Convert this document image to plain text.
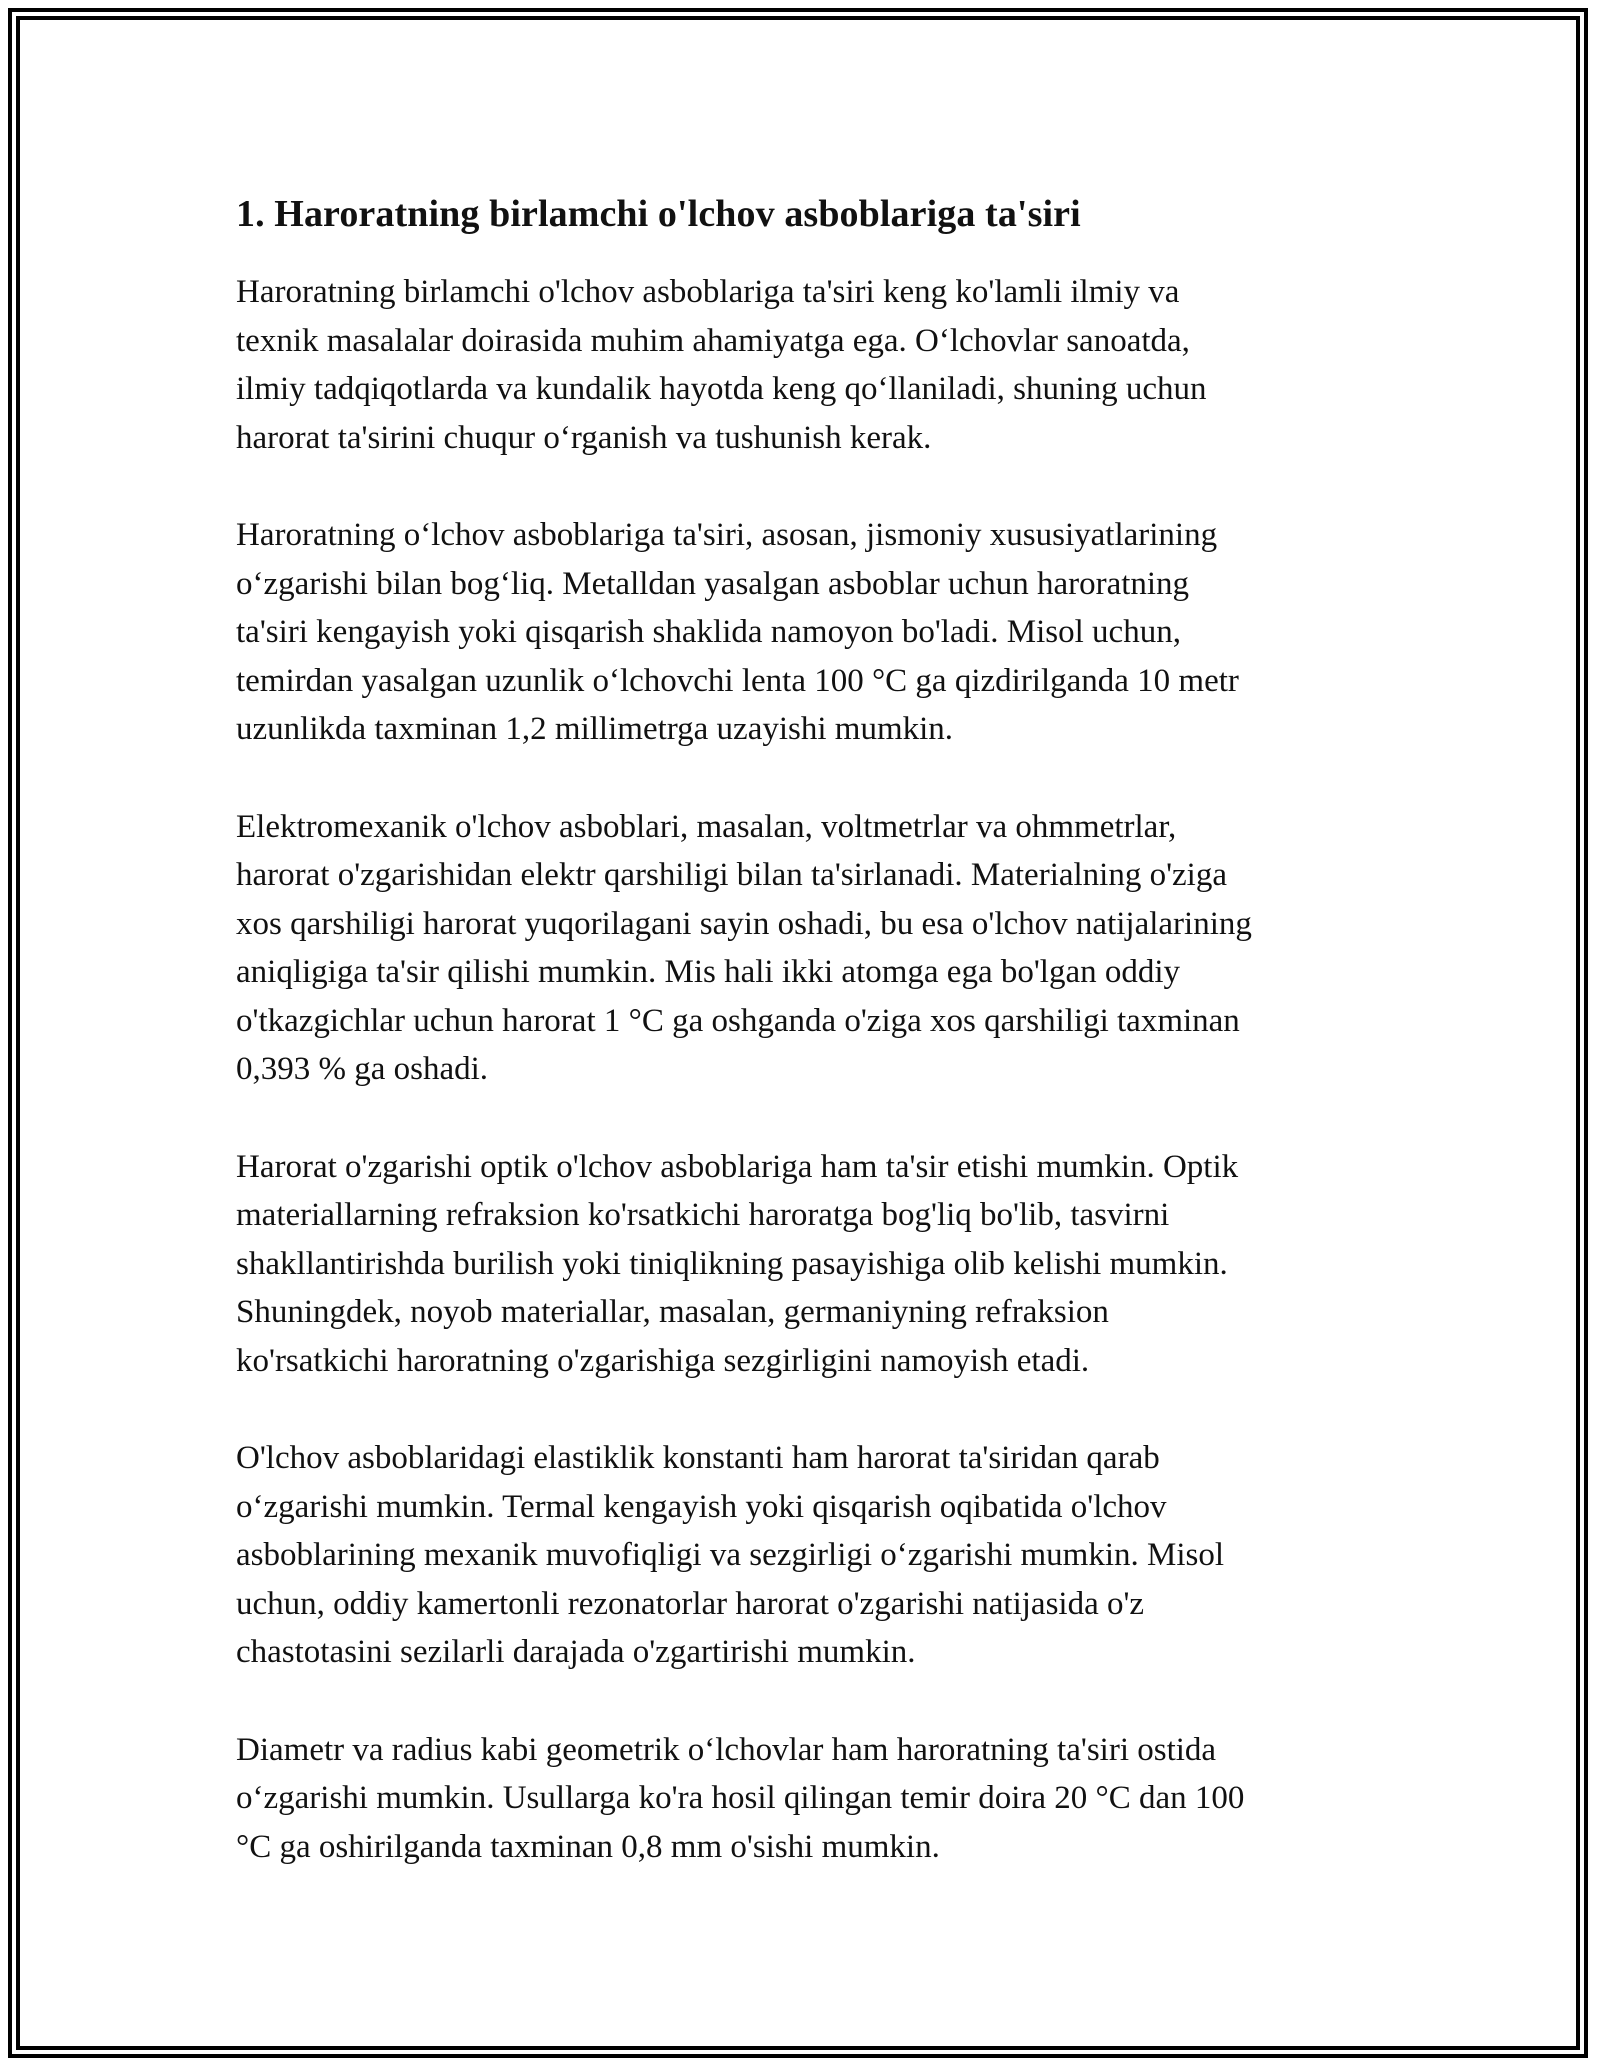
1. Haroratning birlamchi o'lchov asboblariga ta'siri

Haroratning birlamchi o'lchov asboblariga ta'siri keng ko'lamli ilmiy va
texnik masalalar doirasida muhim ahamiyatga ega. O‘lchovlar sanoatda,
ilmiy tadqiqotlarda va kundalik hayotda keng qo‘llaniladi, shuning uchun
harorat ta'sirini chuqur o‘rganish va tushunish kerak.

Haroratning o‘lchov asboblariga ta'siri, asosan, jismoniy xususiyatlarining
o‘zgarishi bilan bog‘liq. Metalldan yasalgan asboblar uchun haroratning
ta'siri kengayish yoki qisqarish shaklida namoyon bo'ladi. Misol uchun,
temirdan yasalgan uzunlik o‘lchovchi lenta 100 °C ga qizdirilganda 10 metr
uzunlikda taxminan 1,2 millimetrga uzayishi mumkin.

Elektromexanik o'lchov asboblari, masalan, voltmetrlar va ohmmetrlar,
harorat o'zgarishidan elektr qarshiligi bilan ta'sirlanadi. Materialning o'ziga
xos qarshiligi harorat yuqorilagani sayin oshadi, bu esa o'lchov natijalarining
aniqligiga ta'sir qilishi mumkin. Mis hali ikki atomga ega bo'lgan oddiy
o'tkazgichlar uchun harorat 1 °C ga oshganda o'ziga xos qarshiligi taxminan
0,393 % ga oshadi.

Harorat o'zgarishi optik o'lchov asboblariga ham ta'sir etishi mumkin. Optik
materiallarning refraksion ko'rsatkichi haroratga bog'liq bo'lib, tasvirni
shakllantirishda burilish yoki tiniqlikning pasayishiga olib kelishi mumkin.
Shuningdek, noyob materiallar, masalan, germaniyning refraksion
ko'rsatkichi haroratning o'zgarishiga sezgirligini namoyish etadi.

O'lchov asboblaridagi elastiklik konstanti ham harorat ta'siridan qarab
o‘zgarishi mumkin. Termal kengayish yoki qisqarish oqibatida o'lchov
asboblarining mexanik muvofiqligi va sezgirligi o‘zgarishi mumkin. Misol
uchun, oddiy kamertonli rezonatorlar harorat o'zgarishi natijasida o'z
chastotasini sezilarli darajada o'zgartirishi mumkin.

Diametr va radius kabi geometrik o‘lchovlar ham haroratning ta'siri ostida
o‘zgarishi mumkin. Usullarga ko'ra hosil qilingan temir doira 20 °C dan 100
°C ga oshirilganda taxminan 0,8 mm o'sishi mumkin.
